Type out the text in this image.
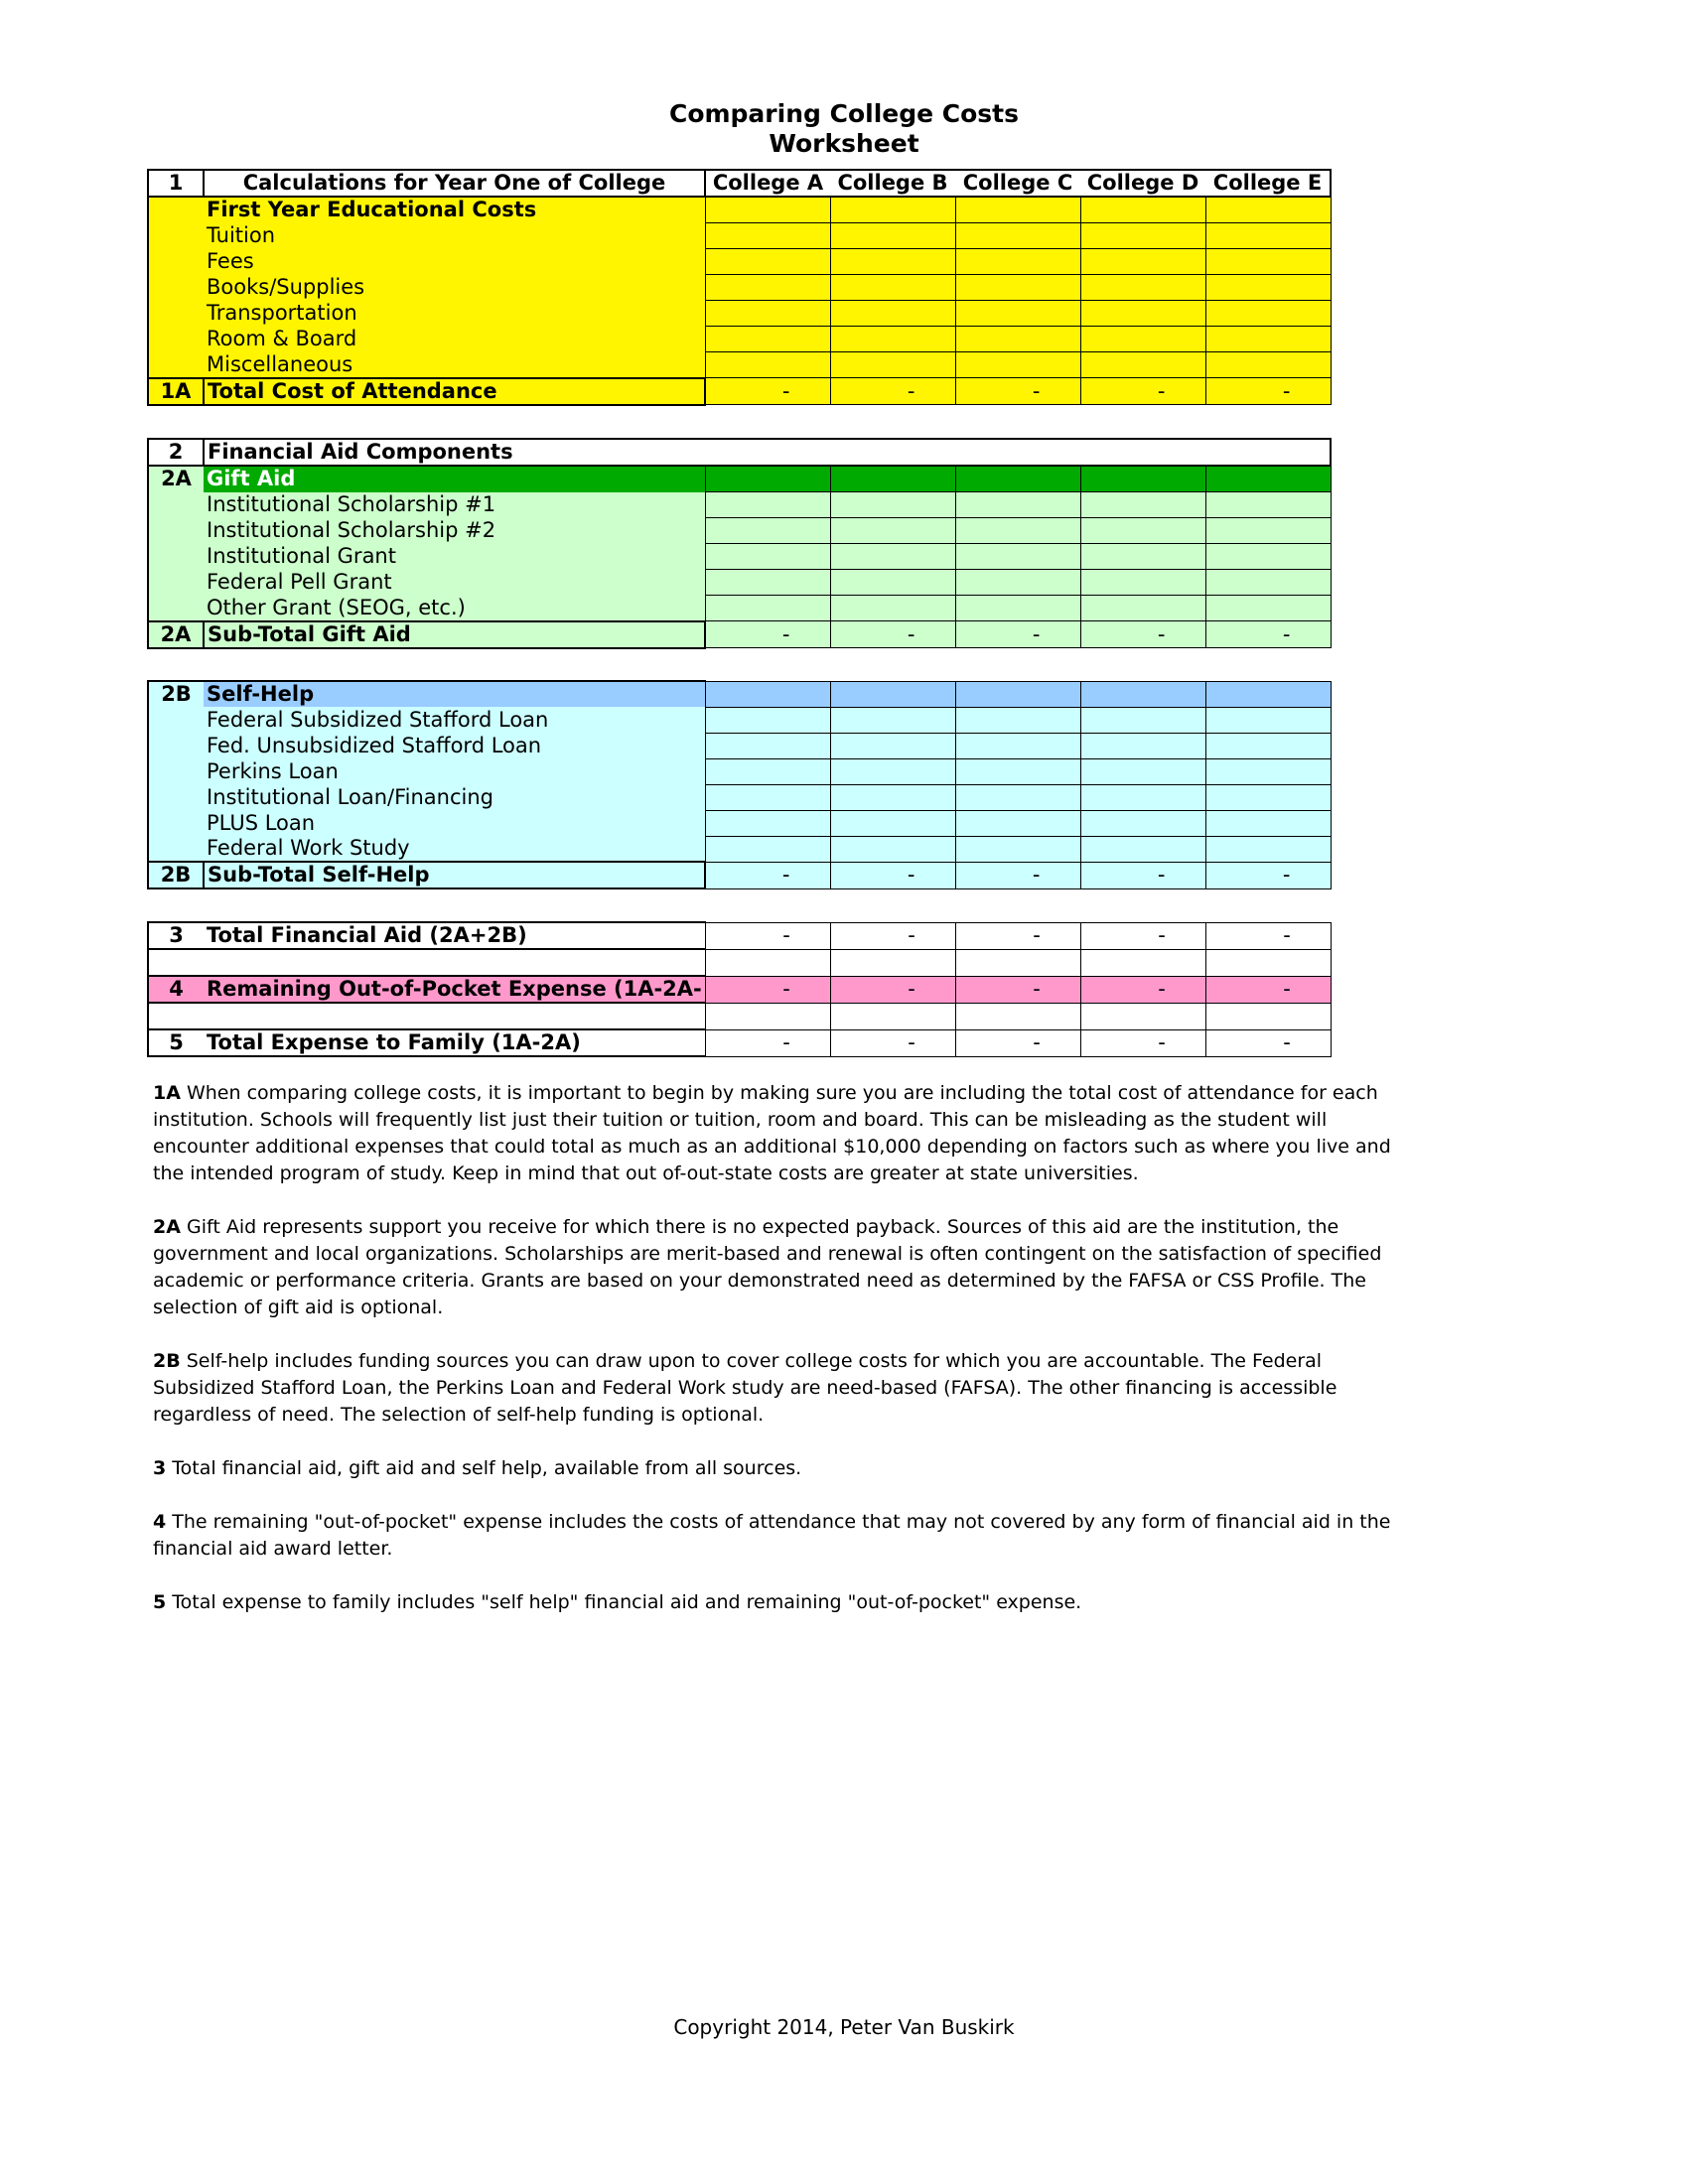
Comparing College Costs
Worksheet
1	Calculations for Year One of College	College A	College B	College C	College D	College E
	First Year Educational Costs					
	Tuition					
	Fees					
	Books/Supplies					
	Transportation					
	Room & Board					
	Miscellaneous					
1A	Total Cost of Attendance	-	-	-	-	-
2	Financial Aid Components					
2A	Gift Aid					
	Institutional Scholarship #1					
	Institutional Scholarship #2					
	Institutional Grant					
	Federal Pell Grant					
	Other Grant (SEOG, etc.)					
2A	Sub-Total Gift Aid	-	-	-	-	-
2B	Self-Help					
	Federal Subsidized Stafford Loan					
	Fed. Unsubsidized Stafford Loan					
	Perkins Loan					
	Institutional Loan/Financing					
	PLUS Loan					
	Federal Work Study					
2B	Sub-Total Self-Help	-	-	-	-	-
3	Total Financial Aid (2A+2B)	-	-	-	-	-

4	Remaining Out-of-Pocket Expense (1A-2A-	-	-	-	-	-

5	Total Expense to Family (1A-2A)	-	-	-	-	-

1A When comparing college costs, it is important to begin by making sure you are including the total cost of attendance for each institution. Schools will frequently list just their tuition or tuition, room and board. This can be misleading as the student will encounter additional expenses that could total as much as an additional $10,000 depending on factors such as where you live and the intended program of study. Keep in mind that out of-out-state costs are greater at state universities.

2A Gift Aid represents support you receive for which there is no expected payback. Sources of this aid are the institution, the government and local organizations. Scholarships are merit-based and renewal is often contingent on the satisfaction of specified academic or performance criteria. Grants are based on your demonstrated need as determined by the FAFSA or CSS Profile. The selection of gift aid is optional.

2B Self-help includes funding sources you can draw upon to cover college costs for which you are accountable. The Federal Subsidized Stafford Loan, the Perkins Loan and Federal Work study are need-based (FAFSA). The other financing is accessible regardless of need. The selection of self-help funding is optional.

3 Total financial aid, gift aid and self help, available from all sources.

4 The remaining "out-of-pocket" expense includes the costs of attendance that may not covered by any form of financial aid in the financial aid award letter.

5 Total expense to family includes "self help" financial aid and remaining "out-of-pocket" expense.

Copyright 2014, Peter Van Buskirk
